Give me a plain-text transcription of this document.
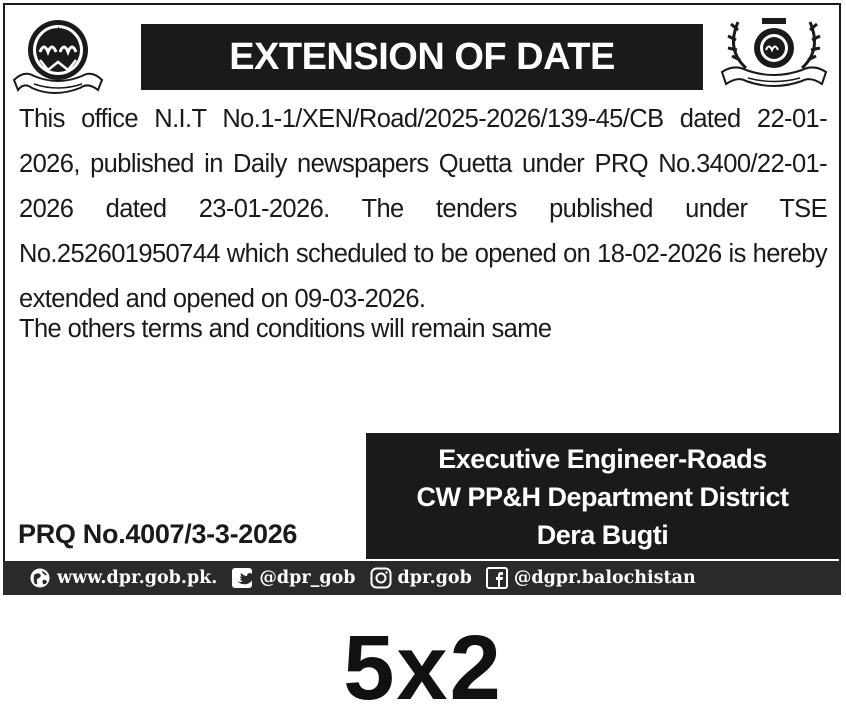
EXTENSION OF DATE
This office N.I.T No.1-1/XEN/Road/2025-2026/139-45/CB dated 22-01-2026, published in Daily newspapers Quetta under PRQ No.3400/22-01-2026 dated 23-01-2026. The tenders published under TSE No.252601950744 which scheduled to be opened on 18-02-2026 is hereby extended and opened on 09-03-2026.
The others terms and conditions will remain same
Executive Engineer-Roads
CW PP&H Department District
Dera Bugti
PRQ No.4007/3-3-2026
www.dpr.gob.pk. @dpr_gob dpr.gob @dgpr.balochistan
5x2
